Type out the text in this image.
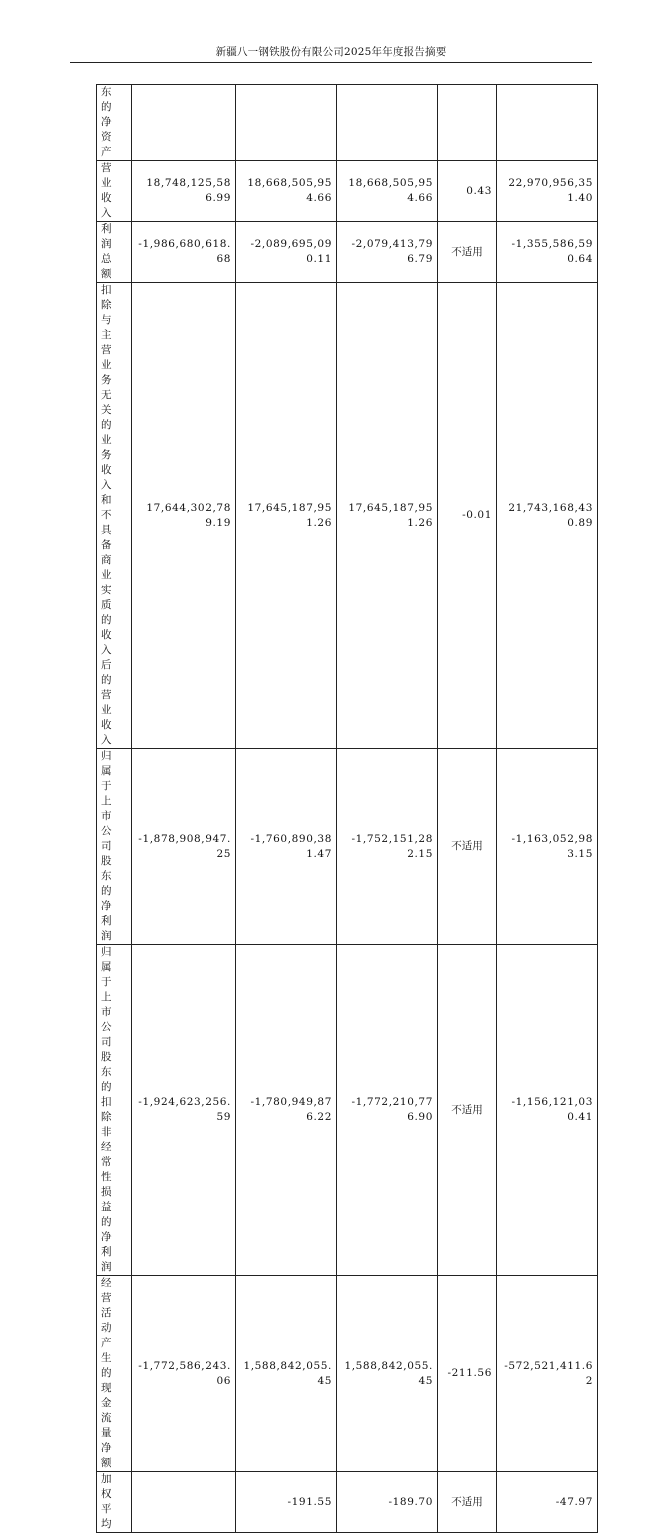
新疆八一钢铁股份有限公司2025年年度报告摘要
东的净资产					
营业收入	18,748,125,586.99	18,668,505,954.66	18,668,505,954.66	0.43	22,970,956,351.40
利润总额	-1,986,680,618.68	-2,089,695,090.11	-2,079,413,796.79	不适用	-1,355,586,590.64
扣除与主营业务无关的业务收入和不具备商业实质的收入后的营业收入	17,644,302,789.19	17,645,187,951.26	17,645,187,951.26	-0.01	21,743,168,430.89
归属于上市公司股东的净利润	-1,878,908,947.25	-1,760,890,381.47	-1,752,151,282.15	不适用	-1,163,052,983.15
归属于上市公司股东的扣除非经常性损益的净利润	-1,924,623,256.59	-1,780,949,876.22	-1,772,210,776.90	不适用	-1,156,121,030.41
经营活动产生的现金流量净额	-1,772,586,243.06	1,588,842,055.45	1,588,842,055.45	-211.56	-572,521,411.62
加权平均		-191.55	-189.70	不适用	-47.97
